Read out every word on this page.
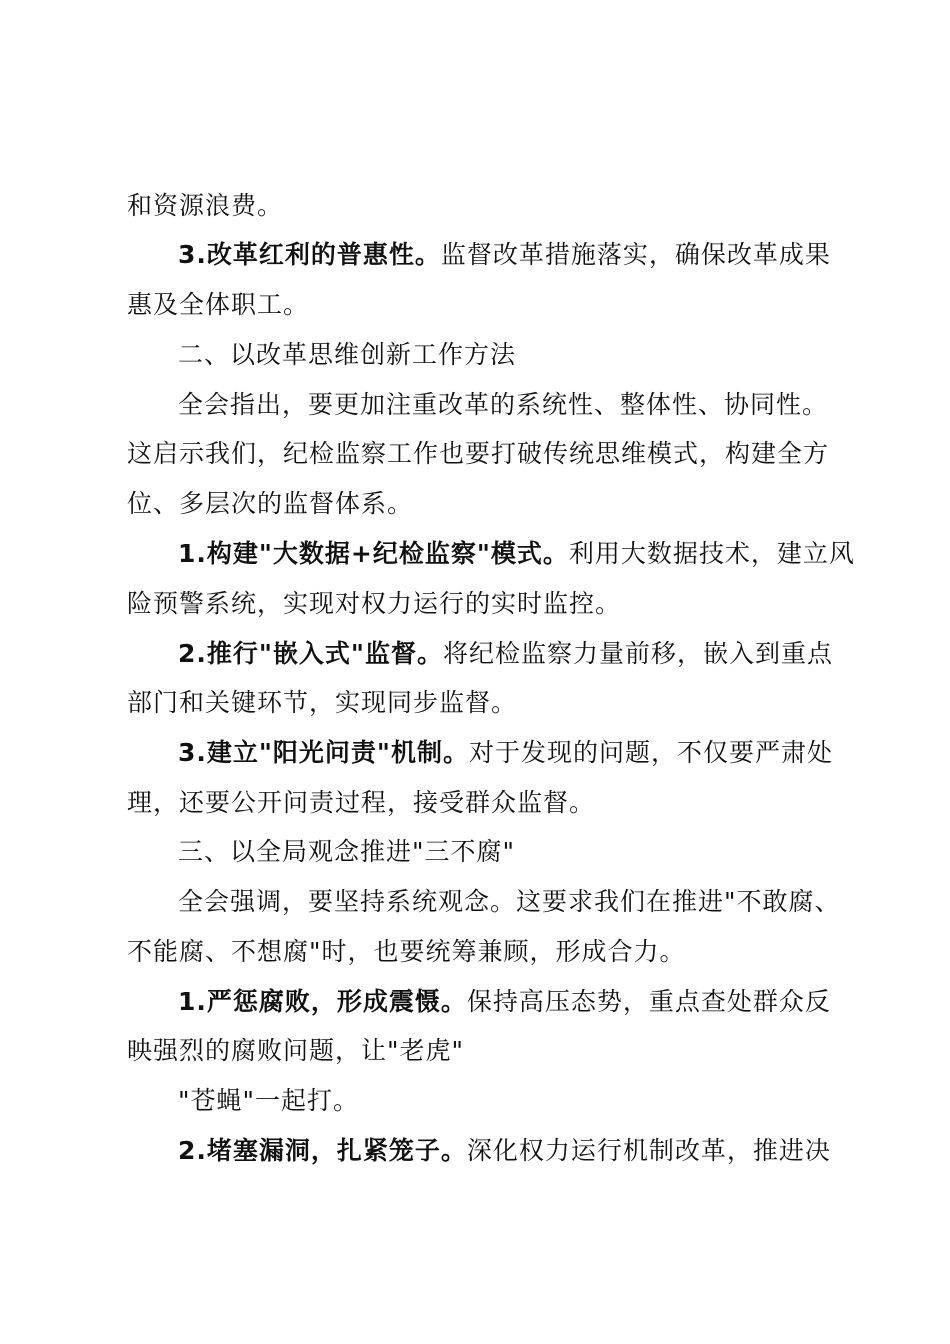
和资源浪费。
3.改革红利的普惠性。监督改革措施落实，确保改革成果
惠及全体职工。
二、以改革思维创新工作方法
全会指出，要更加注重改革的系统性、整体性、协同性。
这启示我们，纪检监察工作也要打破传统思维模式，构建全方
位、多层次的监督体系。
1.构建"大数据+纪检监察"模式。利用大数据技术，建立风
险预警系统，实现对权力运行的实时监控。
2.推行"嵌入式"监督。将纪检监察力量前移，嵌入到重点
部门和关键环节，实现同步监督。
3.建立"阳光问责"机制。对于发现的问题，不仅要严肃处
理，还要公开问责过程，接受群众监督。
三、以全局观念推进"三不腐"
全会强调，要坚持系统观念。这要求我们在推进"不敢腐、
不能腐、不想腐"时，也要统筹兼顾，形成合力。
1.严惩腐败，形成震慑。保持高压态势，重点查处群众反
映强烈的腐败问题，让"老虎"
"苍蝇"一起打。
2.堵塞漏洞，扎紧笼子。深化权力运行机制改革，推进决
